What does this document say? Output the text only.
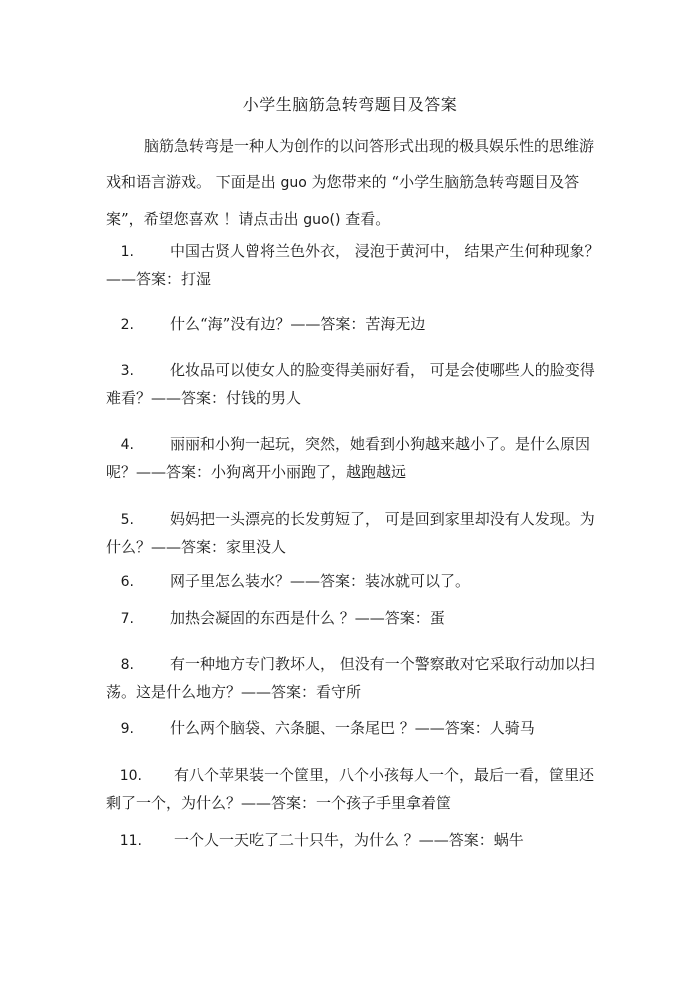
小学生脑筋急转弯题目及答案
脑筋急转弯是一种人为创作的以问答形式出现的极具娱乐性的思维游戏和语言游戏。 下面是出 guo 为您带来的 “小学生脑筋急转弯题目及答案”，希望您喜欢 ！请点击出 guo() 查看。
1. 中国古贤人曾将兰色外衣， 浸泡于黄河中， 结果产生何种现象？——答案：打湿
2. 什么“海”没有边？——答案：苦海无边
3. 化妆品可以使女人的脸变得美丽好看， 可是会使哪些人的脸变得难看？——答案：付钱的男人
4. 丽丽和小狗一起玩，突然，她看到小狗越来越小了。是什么原因呢？——答案：小狗离开小丽跑了，越跑越远
5. 妈妈把一头漂亮的长发剪短了， 可是回到家里却没有人发现。为什么？——答案：家里没人
6. 网子里怎么装水？——答案：装冰就可以了。
7. 加热会凝固的东西是什么 ？——答案：蛋
8. 有一种地方专门教坏人， 但没有一个警察敢对它采取行动加以扫荡。这是什么地方？——答案：看守所
9. 什么两个脑袋、六条腿、一条尾巴 ？——答案：人骑马
10. 有八个苹果装一个筐里，八个小孩每人一个，最后一看，筐里还剩了一个，为什么？——答案：一个孩子手里拿着筐
11. 一个人一天吃了二十只牛，为什么 ？——答案：蜗牛
